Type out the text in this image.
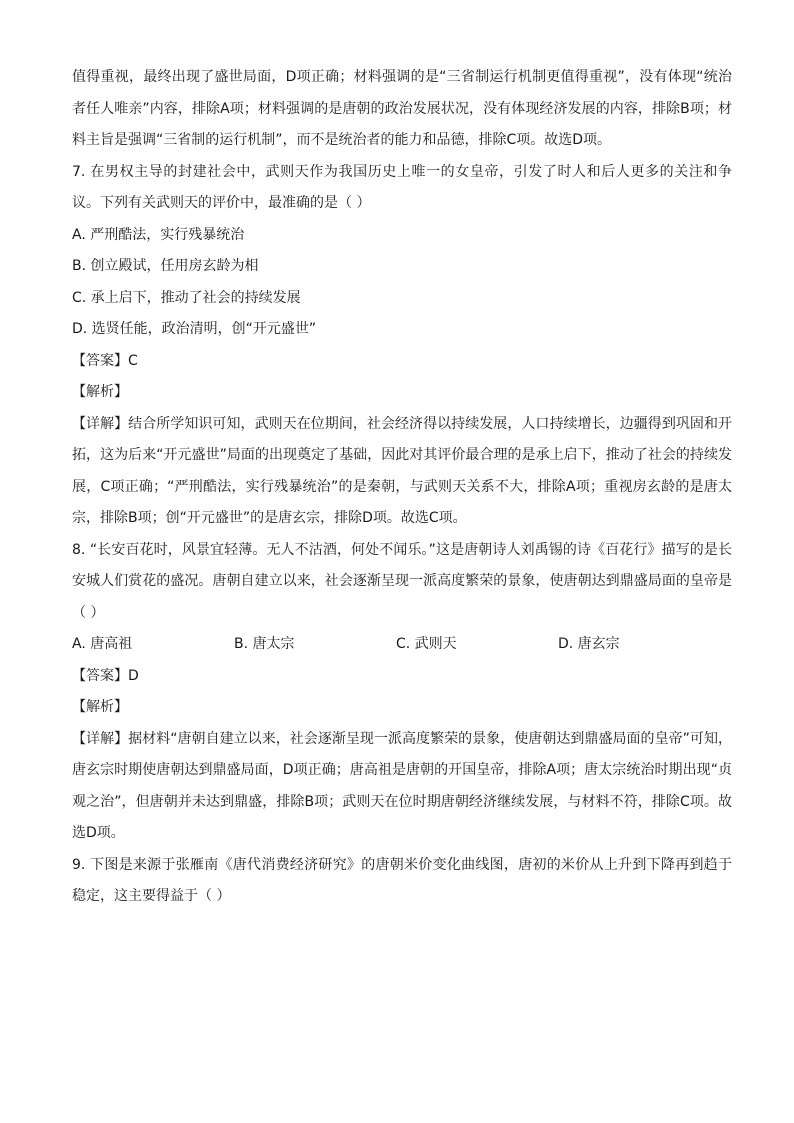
值得重视，最终出现了盛世局面，D项正确；材料强调的是“三省制运行机制更值得重视”，没有体现“统治者任人唯亲”内容，排除A项；材料强调的是唐朝的政治发展状况，没有体现经济发展的内容，排除B项；材料主旨是强调“三省制的运行机制”，而不是统治者的能力和品德，排除C项。故选D项。

7. 在男权主导的封建社会中，武则天作为我国历史上唯一的女皇帝，引发了时人和后人更多的关注和争议。下列有关武则天的评价中，最准确的是（ ）

A. 严刑酷法，实行残暴统治

B. 创立殿试，任用房玄龄为相

C. 承上启下，推动了社会的持续发展

D. 选贤任能，政治清明，创“开元盛世”

【答案】C

【解析】

【详解】结合所学知识可知，武则天在位期间，社会经济得以持续发展，人口持续增长，边疆得到巩固和开拓，这为后来“开元盛世”局面的出现奠定了基础，因此对其评价最合理的是承上启下，推动了社会的持续发展，C项正确；“严刑酷法，实行残暴统治”的是秦朝，与武则天关系不大，排除A项；重视房玄龄的是唐太宗，排除B项；创“开元盛世”的是唐玄宗，排除D项。故选C项。

8. “长安百花时，风景宜轻薄。无人不沽酒，何处不闻乐。”这是唐朝诗人刘禹锡的诗《百花行》描写的是长安城人们赏花的盛况。唐朝自建立以来，社会逐渐呈现一派高度繁荣的景象，使唐朝达到鼎盛局面的皇帝是（ ）

A. 唐高祖	B. 唐太宗	C. 武则天	D. 唐玄宗

【答案】D

【解析】

【详解】据材料“唐朝自建立以来，社会逐渐呈现一派高度繁荣的景象，使唐朝达到鼎盛局面的皇帝”可知，唐玄宗时期使唐朝达到鼎盛局面，D项正确；唐高祖是唐朝的开国皇帝，排除A项；唐太宗统治时期出现“贞观之治”，但唐朝并未达到鼎盛，排除B项；武则天在位时期唐朝经济继续发展，与材料不符，排除C项。故选D项。

9. 下图是来源于张雁南《唐代消费经济研究》的唐朝米价变化曲线图，唐初的米价从上升到下降再到趋于稳定，这主要得益于（ ）
